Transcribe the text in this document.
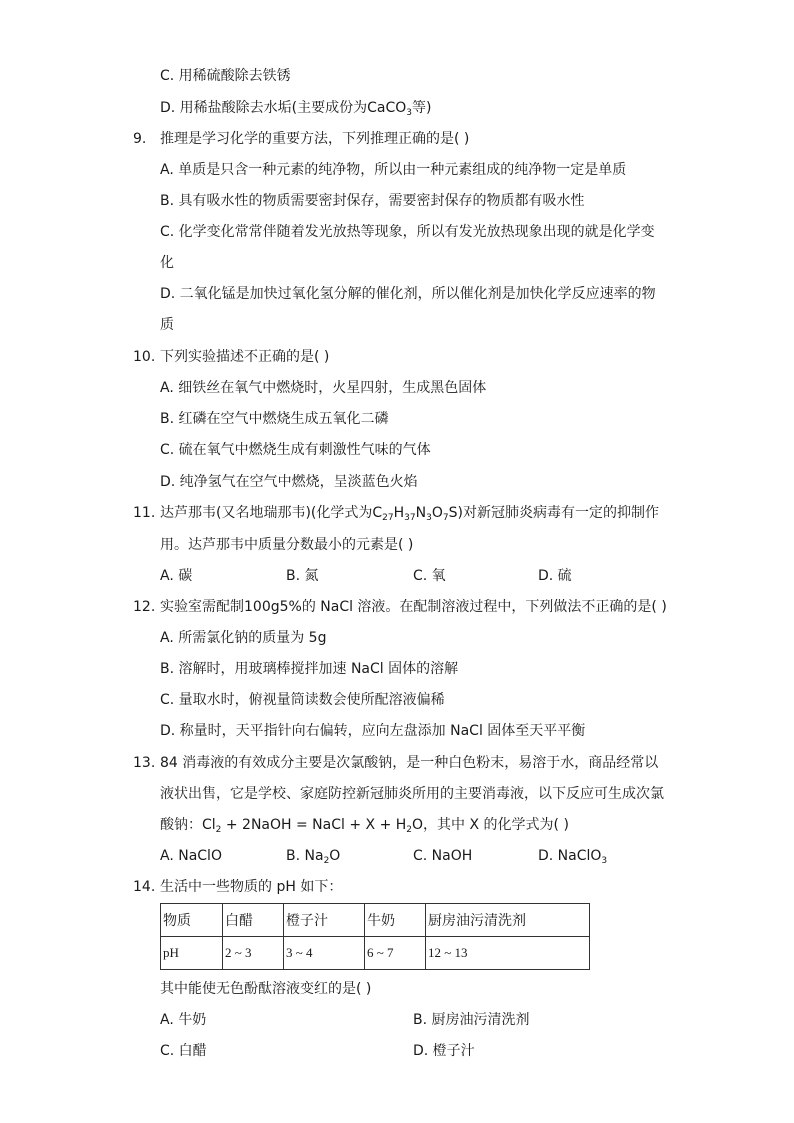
C. 用稀硫酸除去铁锈
D. 用稀盐酸除去水垢(主要成份为CaCO$_3$等)
9. 推理是学习化学的重要方法，下列推理正确的是( )
A. 单质是只含一种元素的纯净物，所以由一种元素组成的纯净物一定是单质
B. 具有吸水性的物质需要密封保存，需要密封保存的物质都有吸水性
C. 化学变化常常伴随着发光放热等现象，所以有发光放热现象出现的就是化学变
化
D. 二氧化锰是加快过氧化氢分解的催化剂，所以催化剂是加快化学反应速率的物
质
10. 下列实验描述不正确的是( )
A. 细铁丝在氧气中燃烧时，火星四射，生成黑色固体
B. 红磷在空气中燃烧生成五氧化二磷
C. 硫在氧气中燃烧生成有刺激性气味的气体
D. 纯净氢气在空气中燃烧，呈淡蓝色火焰
11. 达芦那韦(又名地瑞那韦)(化学式为$C_{27}H_{37}N_3O_7S$)对新冠肺炎病毒有一定的抑制作
用。达芦那韦中质量分数最小的元素是( )
A. 碳	B. 氮	C. 氧	D. 硫
12. 实验室需配制100g5%的 NaCl 溶液。在配制溶液过程中，下列做法不正确的是( )
A. 所需氯化钠的质量为 5g
B. 溶解时，用玻璃棒搅拌加速 NaCl 固体的溶解
C. 量取水时，俯视量筒读数会使所配溶液偏稀
D. 称量时，天平指针向右偏转，应向左盘添加 NaCl 固体至天平平衡
13. 84 消毒液的有效成分主要是次氯酸钠，是一种白色粉末，易溶于水，商品经常以
液状出售，它是学校、家庭防控新冠肺炎所用的主要消毒液，以下反应可生成次氯
酸钠：$Cl_2$ + 2NaOH = NaCl + $X + H_2O$，其中 X 的化学式为( )
A. NaClO	B. $Na_2O$	C. NaOH	D. NaClO$_3$
14. 生活中一些物质的 pH 如下：
物质	白醋	橙子汁	牛奶	厨房油污清洗剂
pH	2 ~ 3	3 ~ 4	6 ~ 7	12 ~ 13
其中能使无色酚酞溶液变红的是( )
A. 牛奶	B. 厨房油污清洗剂
C. 白醋	D. 橙子汁
